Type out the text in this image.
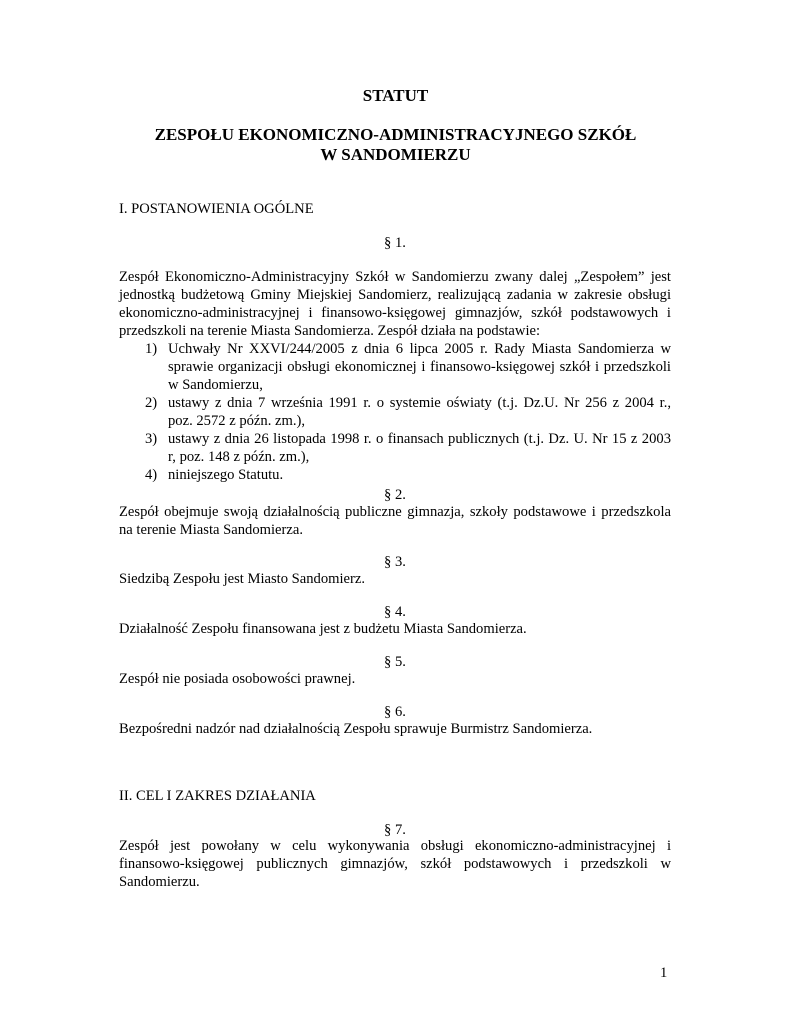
STATUT
ZESPOŁU EKONOMICZNO-ADMINISTRACYJNEGO SZKÓŁ
W SANDOMIERZU
I. POSTANOWIENIA OGÓLNE
§ 1.
Zespół Ekonomiczno-Administracyjny Szkół w Sandomierzu zwany dalej „Zespołem” jest
jednostką budżetową Gminy Miejskiej Sandomierz, realizującą zadania w zakresie obsługi
ekonomiczno-administracyjnej i finansowo-księgowej gimnazjów, szkół podstawowych i
przedszkoli na terenie Miasta Sandomierza. Zespół działa na podstawie:
1) Uchwały Nr XXVI/244/2005 z dnia 6 lipca 2005 r. Rady Miasta Sandomierza w
sprawie organizacji obsługi ekonomicznej i finansowo-księgowej szkół i przedszkoli
w Sandomierzu,
2) ustawy z dnia 7 września 1991 r. o systemie oświaty (t.j. Dz.U. Nr 256 z 2004 r.,
poz. 2572 z późn. zm.),
3) ustawy z dnia 26 listopada 1998 r. o finansach publicznych (t.j. Dz. U. Nr 15 z 2003
r, poz. 148 z późn. zm.),
4) niniejszego Statutu.
§ 2.
Zespół obejmuje swoją działalnością publiczne gimnazja, szkoły podstawowe i przedszkola
na terenie Miasta Sandomierza.
§ 3.
Siedzibą Zespołu jest Miasto Sandomierz.
§ 4.
Działalność Zespołu finansowana jest z budżetu Miasta Sandomierza.
§ 5.
Zespół nie posiada osobowości prawnej.
§ 6.
Bezpośredni nadzór nad działalnością Zespołu sprawuje Burmistrz Sandomierza.
II. CEL I ZAKRES DZIAŁANIA
§ 7.
Zespół jest powołany w celu wykonywania obsługi ekonomiczno-administracyjnej i
finansowo-księgowej publicznych gimnazjów, szkół podstawowych i przedszkoli w
Sandomierzu.
1
